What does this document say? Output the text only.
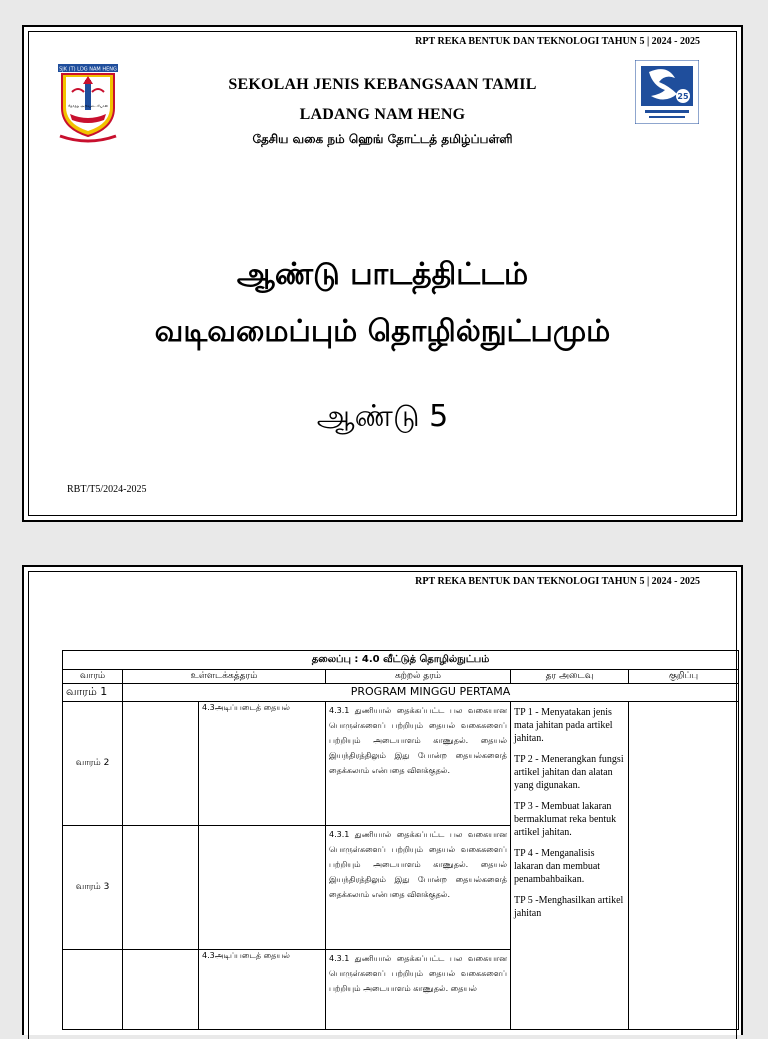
RPT REKA BENTUK DAN TEKNOLOGI TAHUN 5 | 2024 - 2025
SJK (T) LDG NAM HENG
தேர்ந்த அறிவுடையோன்
25
SEKOLAH JENIS KEBANGSAAN TAMIL
LADANG NAM HENG
தேசிய வகை நம் ஹெங் தோட்டத் தமிழ்ப்பள்ளி
ஆண்டு பாடத்திட்டம்
வடிவமைப்பும் தொழில்நுட்பமும்
ஆண்டு 5
RBT/T5/2024-2025
RPT REKA BENTUK DAN TEKNOLOGI TAHUN 5 | 2024 - 2025
தலைப்பு : 4.0 வீட்டுத் தொழில்நுட்பம்					
வாரம்	உள்ளடக்கத்தரம்		கற்றல் தரம்	தர அடைவு	குறிப்பு
வாரம் 1	PROGRAM MINGGU PERTAMA				
வாரம் 2		4.3அடிப்படைத் தையல்	4.3.1 துணியால் தைக்கப்பட்ட பல வகையான பொருள்களைப் பற்றியும் தையல் வகைகளைப் பற்றியும் அடையாளம் காணுதல். தையல் இயந்திரத்திலும் இது போன்ற தையல்களைத் தைக்கலாம் என்பதை விளக்குதல்.	TP 1 - Menyatakan jenis mata jahitan pada artikel jahitan.
TP 2 - Menerangkan fungsi artikel jahitan dan alatan yang digunakan.
TP 3 - Membuat lakaran bermaklumat reka bentuk artikel jahitan.
TP 4 - Menganalisis lakaran dan membuat penambahbaikan.
TP 5 -Menghasilkan artikel jahitan	

வாரம் 3			4.3.1 துணியால் தைக்கப்பட்ட பல வகையான பொருள்களைப் பற்றியும் தையல் வகைகளைப் பற்றியும் அடையாளம் காணுதல். தையல் இயந்திரத்திலும் இது போன்ற தையல்களைத் தைக்கலாம் என்பதை விளக்குதல்.		
		4.3அடிப்படைத் தையல்	4.3.1 துணியால் தைக்கப்பட்ட பல வகையான பொருள்களைப் பற்றியும் தையல் வகைகளைப் பற்றியும் அடையாளம் காணுதல். தையல்		
